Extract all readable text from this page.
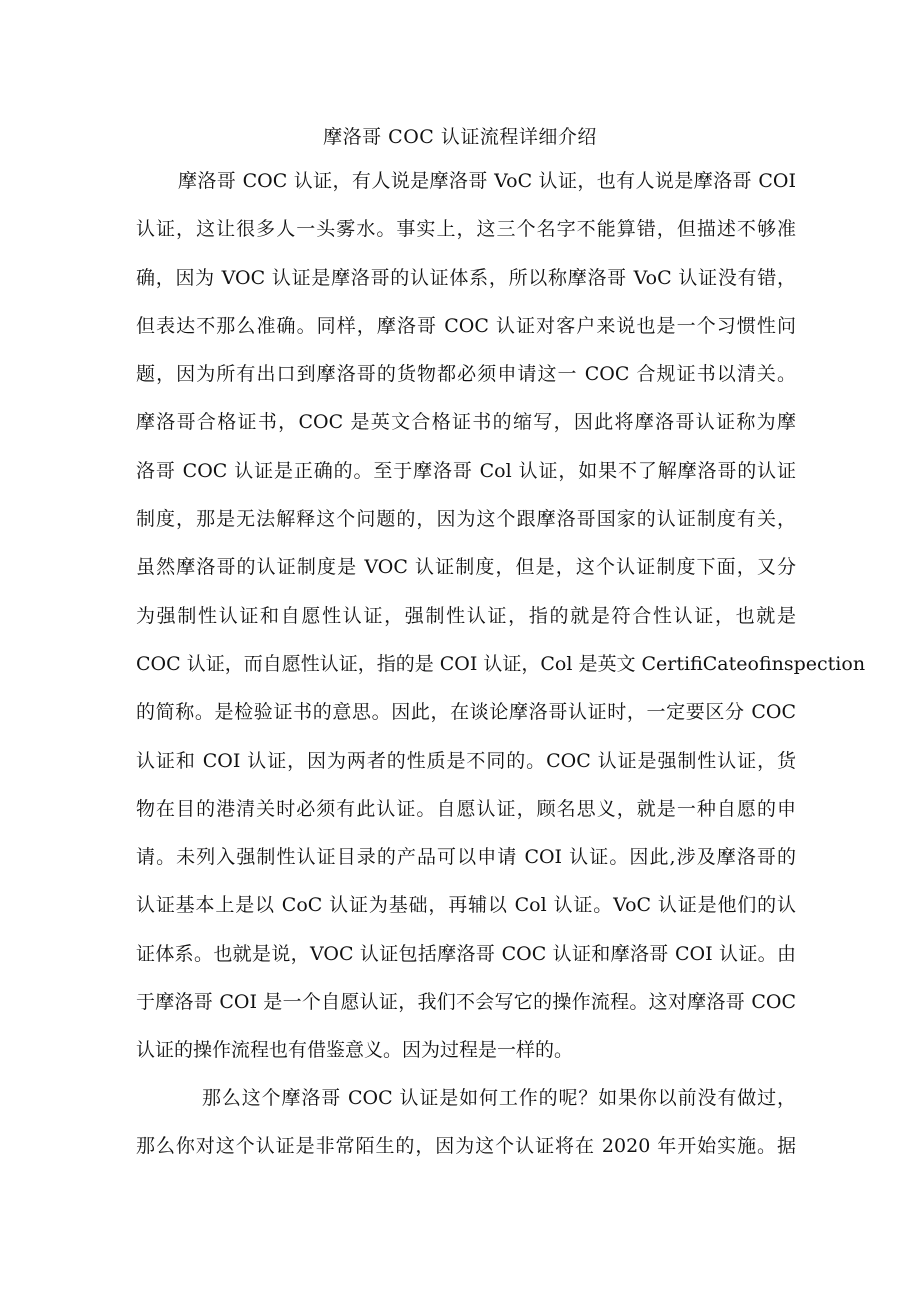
摩洛哥 COC 认证流程详细介绍
摩洛哥 COC 认证，有人说是摩洛哥 VoC 认证，也有人说是摩洛哥 COI
认证，这让很多人一头雾水。事实上，这三个名字不能算错，但描述不够准
确，因为 VOC 认证是摩洛哥的认证体系，所以称摩洛哥 VoC 认证没有错，
但表达不那么准确。同样，摩洛哥 COC 认证对客户来说也是一个习惯性问
题，因为所有出口到摩洛哥的货物都必须申请这一 COC 合规证书以清关。
摩洛哥合格证书，COC 是英文合格证书的缩写，因此将摩洛哥认证称为摩
洛哥 COC 认证是正确的。至于摩洛哥 Col 认证，如果不了解摩洛哥的认证
制度，那是无法解释这个问题的，因为这个跟摩洛哥国家的认证制度有关，
虽然摩洛哥的认证制度是 VOC 认证制度，但是，这个认证制度下面，又分
为强制性认证和自愿性认证，强制性认证，指的就是符合性认证，也就是
COC 认证，而自愿性认证，指的是 COI 认证，Col 是英文 CertifiCateofinspection
的简称。是检验证书的意思。因此，在谈论摩洛哥认证时，一定要区分 COC
认证和 COI 认证，因为两者的性质是不同的。COC 认证是强制性认证，货
物在目的港清关时必须有此认证。自愿认证，顾名思义，就是一种自愿的申
请。未列入强制性认证目录的产品可以申请 COI 认证。因此,涉及摩洛哥的
认证基本上是以 CoC 认证为基础，再辅以 Col 认证。VoC 认证是他们的认
证体系。也就是说，VOC 认证包括摩洛哥 COC 认证和摩洛哥 COI 认证。由
于摩洛哥 COI 是一个自愿认证，我们不会写它的操作流程。这对摩洛哥 COC
认证的操作流程也有借鉴意义。因为过程是一样的。
那么这个摩洛哥 COC 认证是如何工作的呢？如果你以前没有做过，
那么你对这个认证是非常陌生的，因为这个认证将在 2020 年开始实施。据
